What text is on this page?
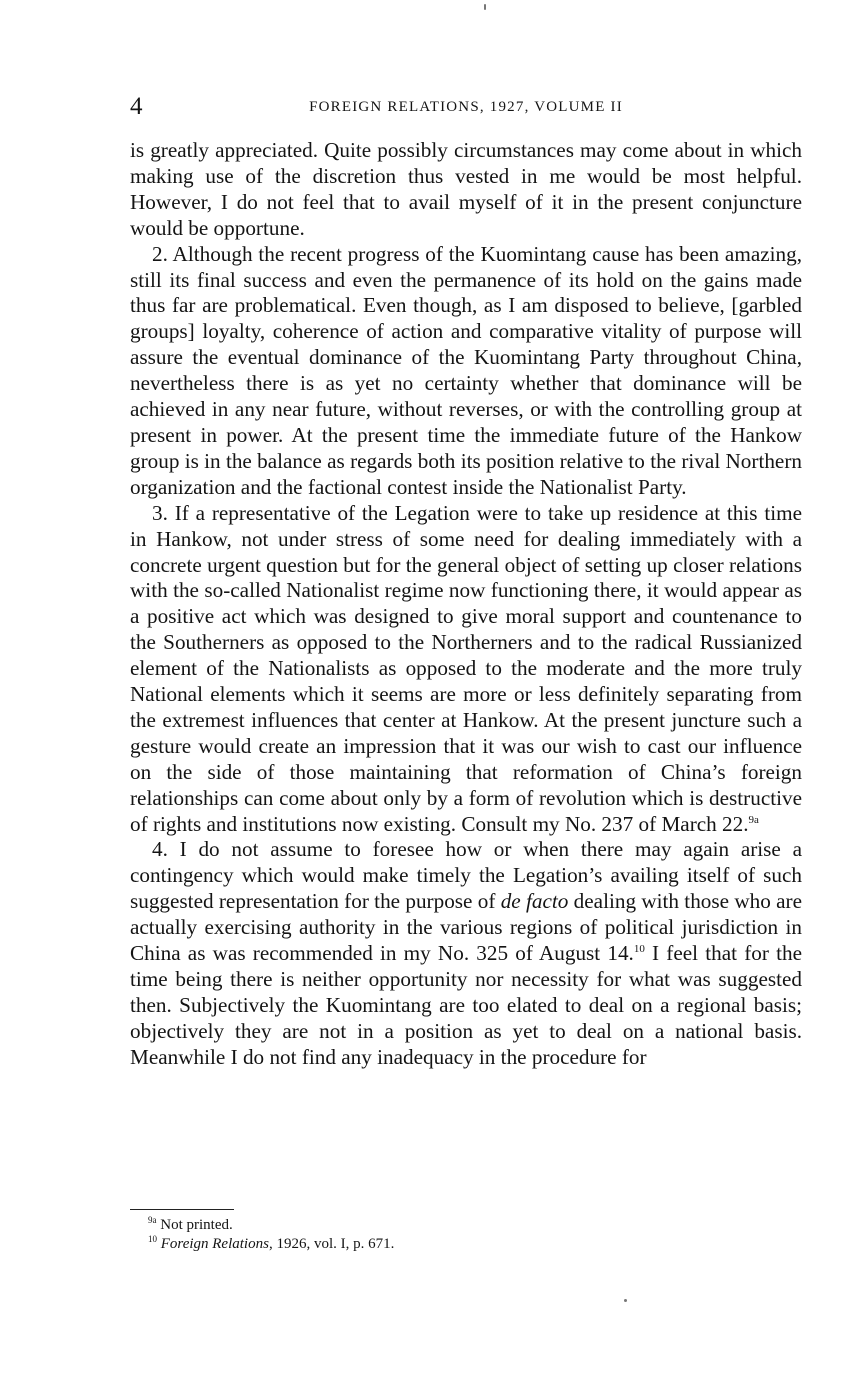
4	FOREIGN RELATIONS, 1927, VOLUME II

is greatly appreciated. Quite possibly circumstances may come about in which making use of the discretion thus vested in me would be most helpful. However, I do not feel that to avail myself of it in the present conjuncture would be opportune.

2. Although the recent progress of the Kuomintang cause has been amazing, still its final success and even the permanence of its hold on the gains made thus far are problematical. Even though, as I am disposed to believe, [garbled groups] loyalty, coherence of action and comparative vitality of purpose will assure the eventual dominance of the Kuomintang Party throughout China, nevertheless there is as yet no certainty whether that dominance will be achieved in any near future, without reverses, or with the controlling group at present in power. At the present time the immediate future of the Hankow group is in the balance as regards both its position relative to the rival Northern organization and the factional contest inside the Nationalist Party.

3. If a representative of the Legation were to take up residence at this time in Hankow, not under stress of some need for dealing immediately with a concrete urgent question but for the general object of setting up closer relations with the so-called Nationalist regime now functioning there, it would appear as a positive act which was designed to give moral support and countenance to the Southerners as opposed to the Northerners and to the radical Russianized element of the Nationalists as opposed to the moderate and the more truly National elements which it seems are more or less definitely separating from the extremest influences that center at Hankow. At the present juncture such a gesture would create an impression that it was our wish to cast our influence on the side of those maintaining that reformation of China’s foreign relationships can come about only by a form of revolution which is destructive of rights and institutions now existing. Consult my No. 237 of March 22.$^{9a}$

4. I do not assume to foresee how or when there may again arise a contingency which would make timely the Legation’s availing itself of such suggested representation for the purpose of de facto dealing with those who are actually exercising authority in the various regions of political jurisdiction in China as was recommended in my No. 325 of August 14.10 I feel that for the time being there is neither opportunity nor necessity for what was suggested then. Subjectively the Kuomintang are too elated to deal on a regional basis; objectively they are not in a position as yet to deal on a national basis. Meanwhile I do not find any inadequacy in the procedure for

$^{9a}$ Not printed.
$^{10}$ Foreign Relations, 1926, vol. I, p. 671.
